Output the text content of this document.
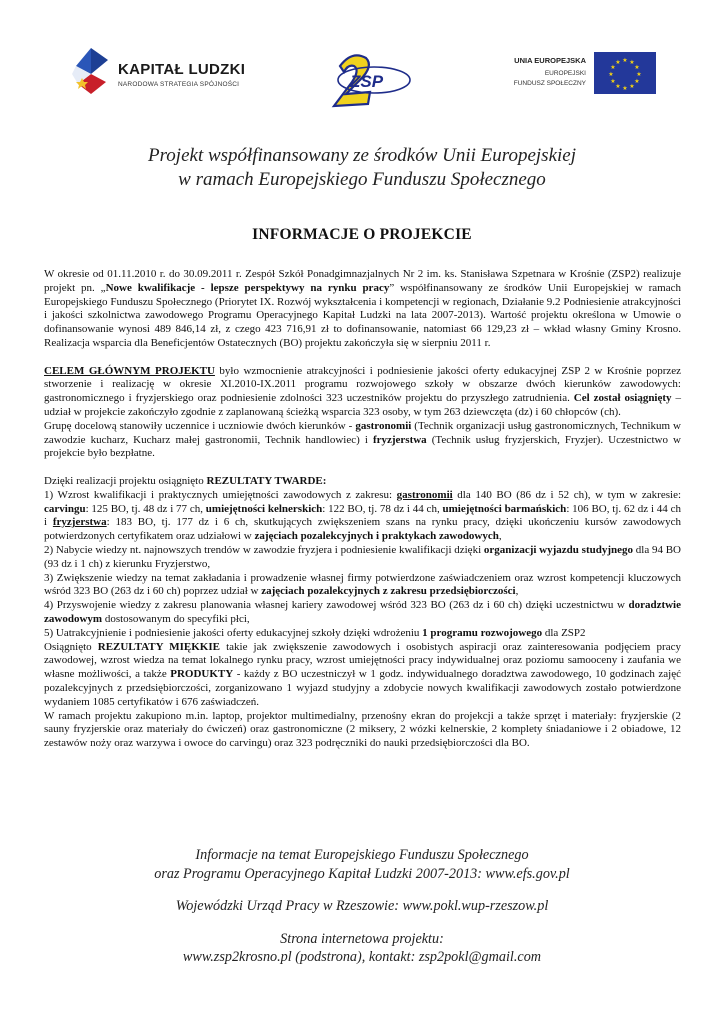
KAPITAŁ LUDZKI
NARODOWA STRATEGIA SPÓJNOŚCI	ZSP
UNIA EUROPEJSKA
EUROPEJSKI
FUNDUSZ SPOŁECZNY
★ ★
★
★
★
★
★
★
★
★
★
★
Projekt współfinansowany ze środków Unii Europejskiej
w ramach Europejskiego Funduszu Społecznego
INFORMACJE O PROJEKCIE

W okresie od 01.11.2010 r. do 30.09.2011 r. Zespół Szkół Ponadgimnazjalnych Nr 2 im. ks. Stanisława Szpetnara w Krośnie (ZSP2) realizuje projekt pn. „Nowe kwalifikacje - lepsze perspektywy na rynku pracy” współfinansowany ze środków Unii Europejskiej w ramach Europejskiego Funduszu Społecznego (Priorytet IX. Rozwój wykształcenia i kompetencji w regionach, Działanie 9.2 Podniesienie atrakcyjności i jakości szkolnictwa zawodowego Programu Operacyjnego Kapitał Ludzki na lata 2007-2013). Wartość projektu określona w Umowie o dofinansowanie wynosi 489 846,14 zł, z czego 423 716,91 zł to dofinansowanie, natomiast 66 129,23 zł – wkład własny Gminy Krosno. Realizacja wsparcia dla Beneficjentów Ostatecznych (BO) projektu zakończyła się w sierpniu 2011 r.

CELEM GŁÓWNYM PROJEKTU było wzmocnienie atrakcyjności i podniesienie jakości oferty edukacyjnej ZSP 2 w Krośnie poprzez stworzenie i realizację w okresie XI.2010-IX.2011 programu rozwojowego szkoły w obszarze dwóch kierunków zawodowych: gastronomicznego i fryzjerskiego oraz podniesienie zdolności 323 uczestników projektu do przyszłego zatrudnienia. Cel został osiągnięty – udział w projekcie zakończyło zgodnie z zaplanowaną ścieżką wsparcia 323 osoby, w tym 263 dziewczęta (dz) i 60 chłopców (ch).

Grupę docelową stanowiły uczennice i uczniowie dwóch kierunków - gastronomii (Technik organizacji usług gastronomicznych, Technikum w zawodzie kucharz, Kucharz małej gastronomii, Technik handlowiec) i fryzjerstwa (Technik usług fryzjerskich, Fryzjer). Uczestnictwo w projekcie było bezpłatne.

Dzięki realizacji projektu osiągnięto REZULTATY TWARDE:

1) Wzrost kwalifikacji i praktycznych umiejętności zawodowych z zakresu: gastronomii dla 140 BO (86 dz i 52 ch), w tym w zakresie: carvingu: 125 BO, tj. 48 dz i 77 ch, umiejętności kelnerskich: 122 BO, tj. 78 dz i 44 ch, umiejętności barmańskich: 106 BO, tj. 62 dz i 44 ch i fryzjerstwa: 183 BO, tj. 177 dz i 6 ch, skutkujących zwiększeniem szans na rynku pracy, dzięki ukończeniu kursów zawodowych potwierdzonych certyfikatem oraz udziałowi w zajęciach pozalekcyjnych i praktykach zawodowych,

2) Nabycie wiedzy nt. najnowszych trendów w zawodzie fryzjera i podniesienie kwalifikacji dzięki organizacji wyjazdu studyjnego dla 94 BO (93 dz i 1 ch) z kierunku Fryzjerstwo,

3) Zwiększenie wiedzy na temat zakładania i prowadzenie własnej firmy potwierdzone zaświadczeniem oraz wzrost kompetencji kluczowych wśród 323 BO (263 dz i 60 ch) poprzez udział w zajęciach pozalekcyjnych z zakresu przedsiębiorczości,

4) Przyswojenie wiedzy z zakresu planowania własnej kariery zawodowej wśród 323 BO (263 dz i 60 ch) dzięki uczestnictwu w doradztwie zawodowym dostosowanym do specyfiki płci,

5) Uatrakcyjnienie i podniesienie jakości oferty edukacyjnej szkoły dzięki wdrożeniu 1 programu rozwojowego dla ZSP2

Osiągnięto REZULTATY MIĘKKIE takie jak zwiększenie zawodowych i osobistych aspiracji oraz zainteresowania podjęciem pracy zawodowej, wzrost wiedza na temat lokalnego rynku pracy, wzrost umiejętności pracy indywidualnej oraz poziomu samooceny i zaufania we własne możliwości, a także PRODUKTY - każdy z BO uczestniczył w 1 godz. indywidualnego doradztwa zawodowego, 10 godzinach zajęć pozalekcyjnych z przedsiębiorczości, zorganizowano 1 wyjazd studyjny a zdobycie nowych kwalifikacji zawodowych zostało potwierdzone wydaniem 1085 certyfikatów i 676 zaświadczeń.

W ramach projektu zakupiono m.in. laptop, projektor multimedialny, przenośny ekran do projekcji a także sprzęt i materiały: fryzjerskie (2 sauny fryzjerskie oraz materiały do ćwiczeń) oraz gastronomiczne (2 miksery, 2 wózki kelnerskie, 2 komplety śniadaniowe i 2 obiadowe, 12 zestawów noży oraz warzywa i owoce do carvingu) oraz 323 podręczniki do nauki przedsiębiorczości dla BO.

Informacje na temat Europejskiego Funduszu Społecznego
oraz Programu Operacyjnego Kapitał Ludzki 2007-2013: www.efs.gov.pl
Wojewódzki Urząd Pracy w Rzeszowie: www.pokl.wup-rzeszow.pl
Strona internetowa projektu:
www.zsp2krosno.pl (podstrona), kontakt: zsp2pokl@gmail.com
